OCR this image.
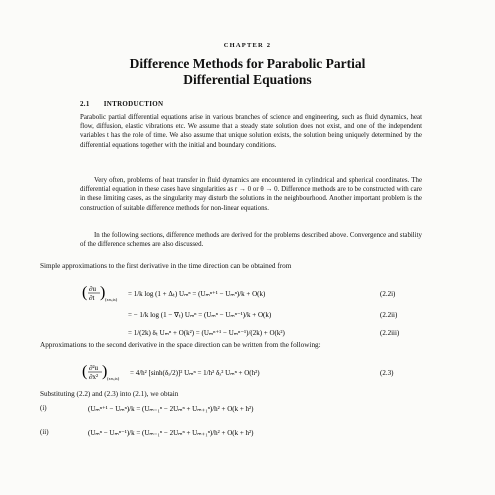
CHAPTER 2
Difference Methods for Parabolic Partial
Differential Equations
2.1 INTRODUCTION
Parabolic partial differential equations arise in various branches of science and engineering, such as fluid dynamics, heat flow, diffusion, elastic vibrations etc. We assume that a steady state solution does not exist, and one of the independent variables t has the role of time. We also assume that unique solution exists, the solution being uniquely determined by the differential equations together with the initial and boundary conditions.
Very often, problems of heat transfer in fluid dynamics are encountered in cylindrical and spherical coordinates. The differential equation in these cases have singularities as r → 0 or θ → 0. Difference methods are to be constructed with care in these limiting cases, as the singularity may disturb the solutions in the neighbourhood. Another important problem is the construction of suitable difference methods for non-linear equations.
In the following sections, difference methods are derived for the problems described above. Convergence and stability of the difference schemes are also discussed.
Simple approximations to the first derivative in the time direction can be obtained from
( ∂u
∂t ) (xₘ,tₙ)
= 1/k log (1 + Δₜ) Uₘⁿ = (Uₘⁿ⁺¹ − Uₘⁿ)/k + O(k)	(2.2i)
= − 1/k log (1 − ∇ₜ) Uₘⁿ = (Uₘⁿ − Uₘⁿ⁻¹)/k + O(k)	(2.2ii)
= 1/(2k) δₜ Uₘⁿ + O(k²) = (Uₘⁿ⁺¹ − Uₘⁿ⁻¹)/(2k) + O(k²)	(2.2iii)
Approximations to the second derivative in the space direction can be written from the following:
( ∂²u
∂x² ) (xₘ,tₙ)
= 4/h² [sinh(δₓ/2)]² Uₘⁿ = 1/h² δₓ² Uₘⁿ + O(h²)	(2.3)
Substituting (2.2) and (2.3) into (2.1), we obtain
(i)	(Uₘⁿ⁺¹ − Uₘⁿ)/k = (Uₘ₋₁ⁿ − 2Uₘⁿ + Uₘ₊₁ⁿ)/h² + O(k + h²)
(ii)	(Uₘⁿ − Uₘⁿ⁻¹)/k = (Uₘ₋₁ⁿ − 2Uₘⁿ + Uₘ₊₁ⁿ)/h² + O(k + h²)
